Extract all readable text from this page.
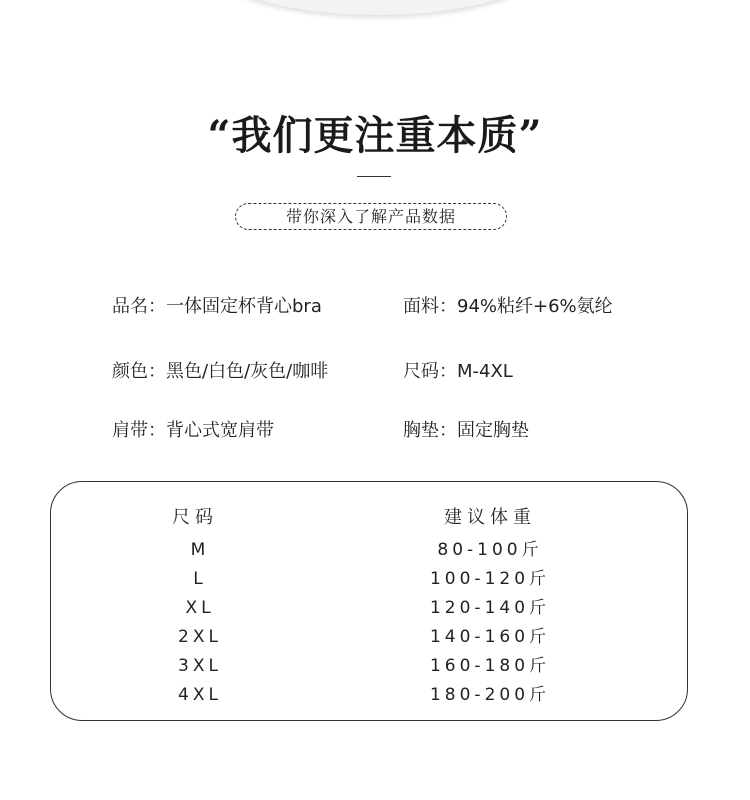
“我们更注重本质”
带你深入了解产品数据
品名：一体固定杯背心bra	面料：94%粘纤+6%氨纶
颜色：黑色/白色/灰色/咖啡	尺码：M-4XL
肩带：背心式宽肩带	胸垫：固定胸垫
尺码	建议体重
M	80-100斤
L	100-120斤
XL	120-140斤
2XL	140-160斤
3XL	160-180斤
4XL	180-200斤
